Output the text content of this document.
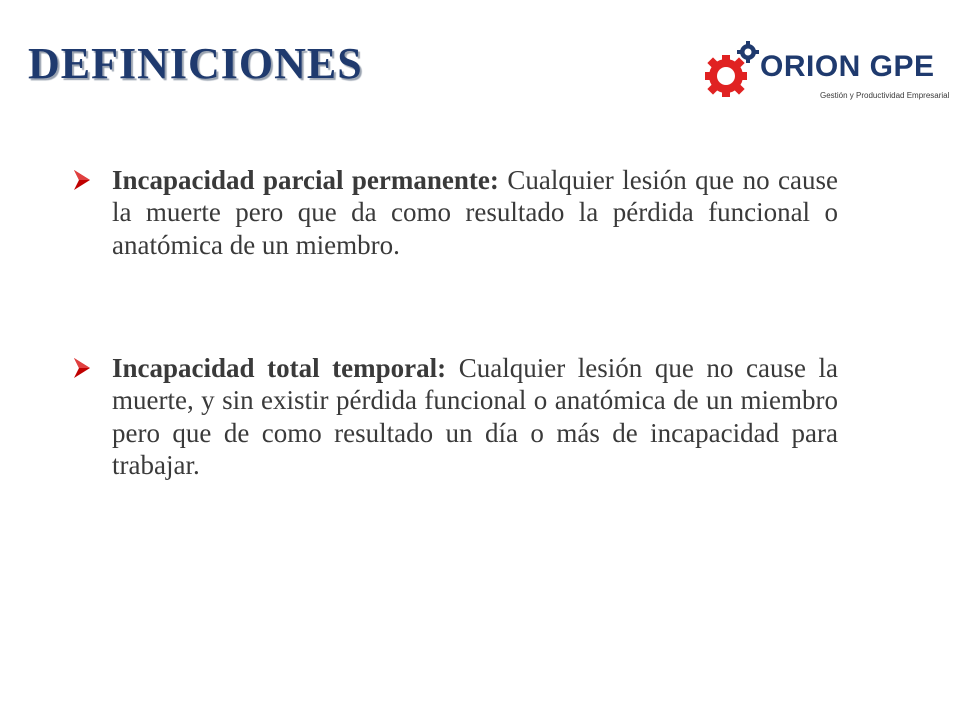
DEFINICIONES	ORION GPE
Gestión y Productividad Empresarial
Incapacidad parcial permanente: Cualquier lesión que no cause la muerte pero que da como resultado la pérdida funcional o anatómica de un miembro.
Incapacidad total temporal: Cualquier lesión que no cause la muerte, y sin existir pérdida funcional o anatómica de un miembro pero que de como resultado un día o más de incapacidad para trabajar.
